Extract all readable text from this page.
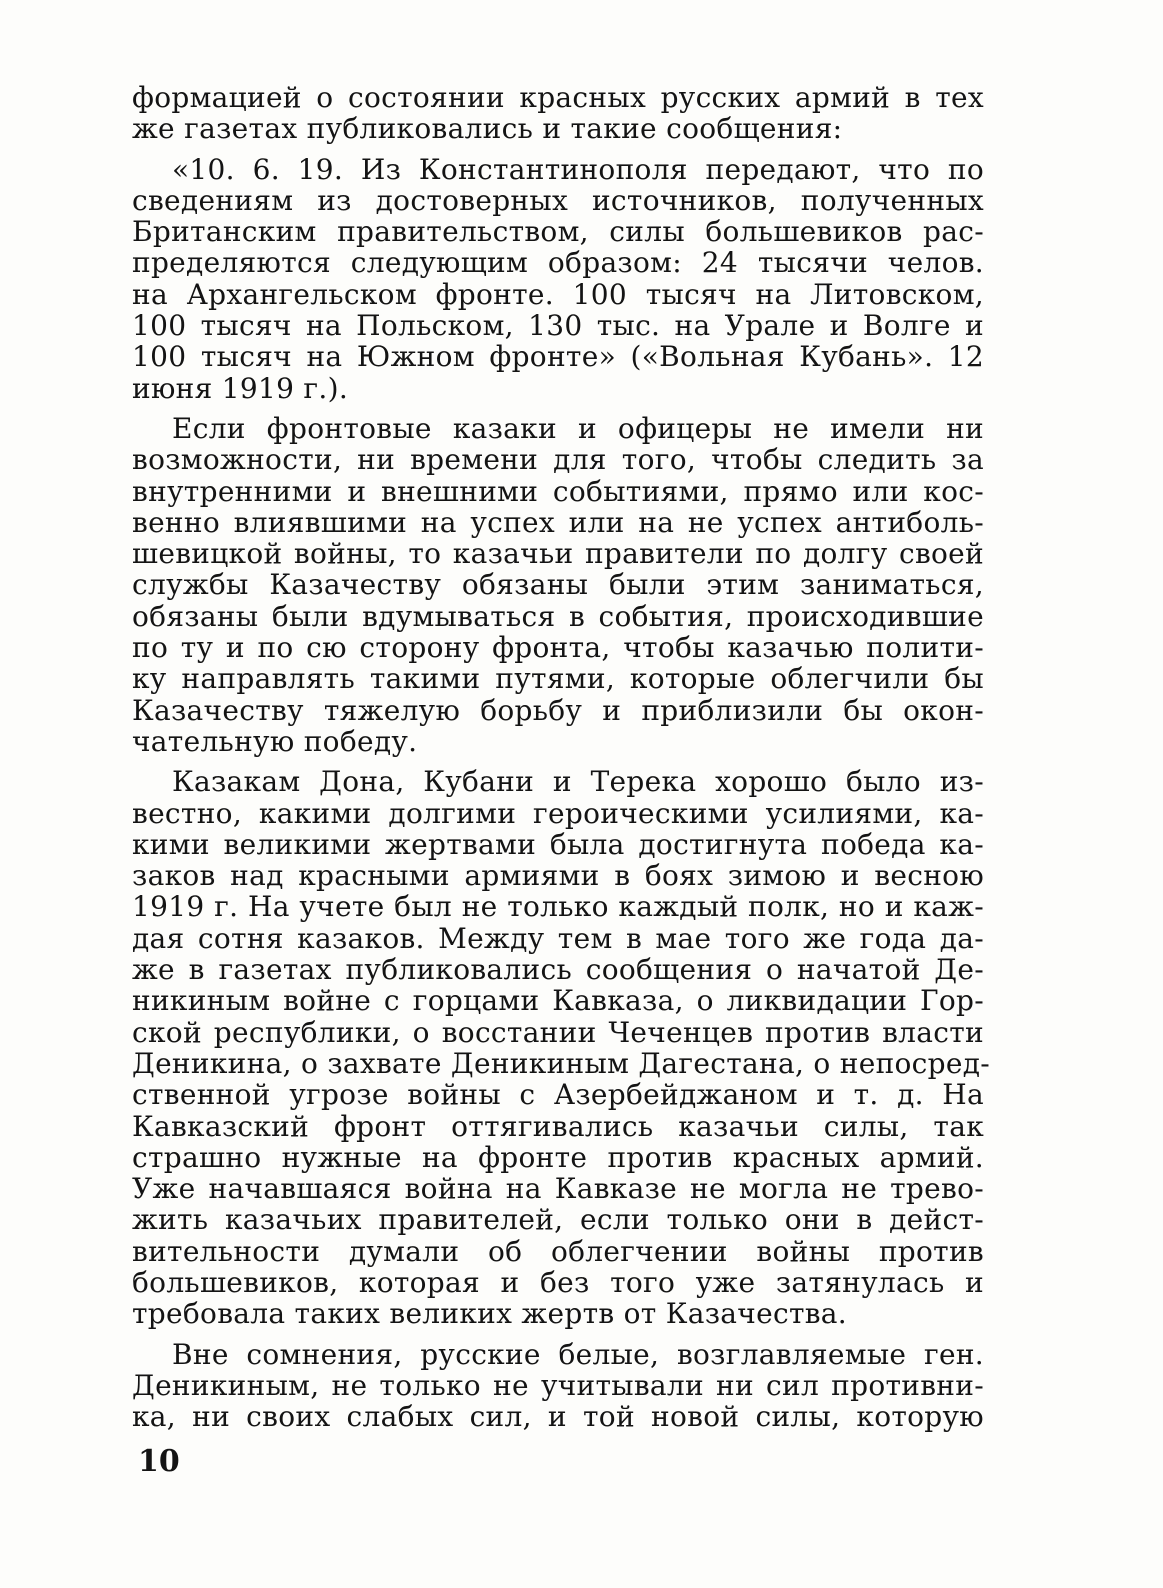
формацией о состоянии красных русских армий в тех
же газетах публиковались и такие сообщения:
«10. 6. 19. Из Константинополя передают, что по
сведениям из достоверных источников, полученных
Британским правительством, силы большевиков рас-
пределяются следующим образом: 24 тысячи челов.
на Архангельском фронте. 100 тысяч на Литовском,
100 тысяч на Польском, 130 тыс. на Урале и Волге и
100 тысяч на Южном фронте» («Вольная Кубань». 12
июня 1919 г.).
Если фронтовые казаки и офицеры не имели ни
возможности, ни времени для того, чтобы следить за
внутренними и внешними событиями, прямо или кос-
венно влиявшими на успех или на не успех антиболь-
шевицкой войны, то казачьи правители по долгу своей
службы Казачеству обязаны были этим заниматься,
обязаны были вдумываться в события, происходившие
по ту и по сю сторону фронта, чтобы казачью полити-
ку направлять такими путями, которые облегчили бы
Казачеству тяжелую борьбу и приблизили бы окон-
чательную победу.
Казакам Дона, Кубани и Терека хорошо было из-
вестно, какими долгими героическими усилиями, ка-
кими великими жертвами была достигнута победа ка-
заков над красными армиями в боях зимою и весною
1919 г. На учете был не только каждый полк, но и каж-
дая сотня казаков. Между тем в мае того же года да-
же в газетах публиковались сообщения о начатой Де-
никиным войне с горцами Кавказа, о ликвидации Гор-
ской республики, о восстании Чеченцев против власти
Деникина, о захвате Деникиным Дагестана, о непосред-
ственной угрозе войны с Азербейджаном и т. д. На
Кавказский фронт оттягивались казачьи силы, так
страшно нужные на фронте против красных армий.
Уже начавшаяся война на Кавказе не могла не трево-
жить казачьих правителей, если только они в дейст-
вительности думали об облегчении войны против
большевиков, которая и без того уже затянулась и
требовала таких великих жертв от Казачества.
Вне сомнения, русские белые, возглавляемые ген.
Деникиным, не только не учитывали ни сил противни-
ка, ни своих слабых сил, и той новой силы, которую
10
